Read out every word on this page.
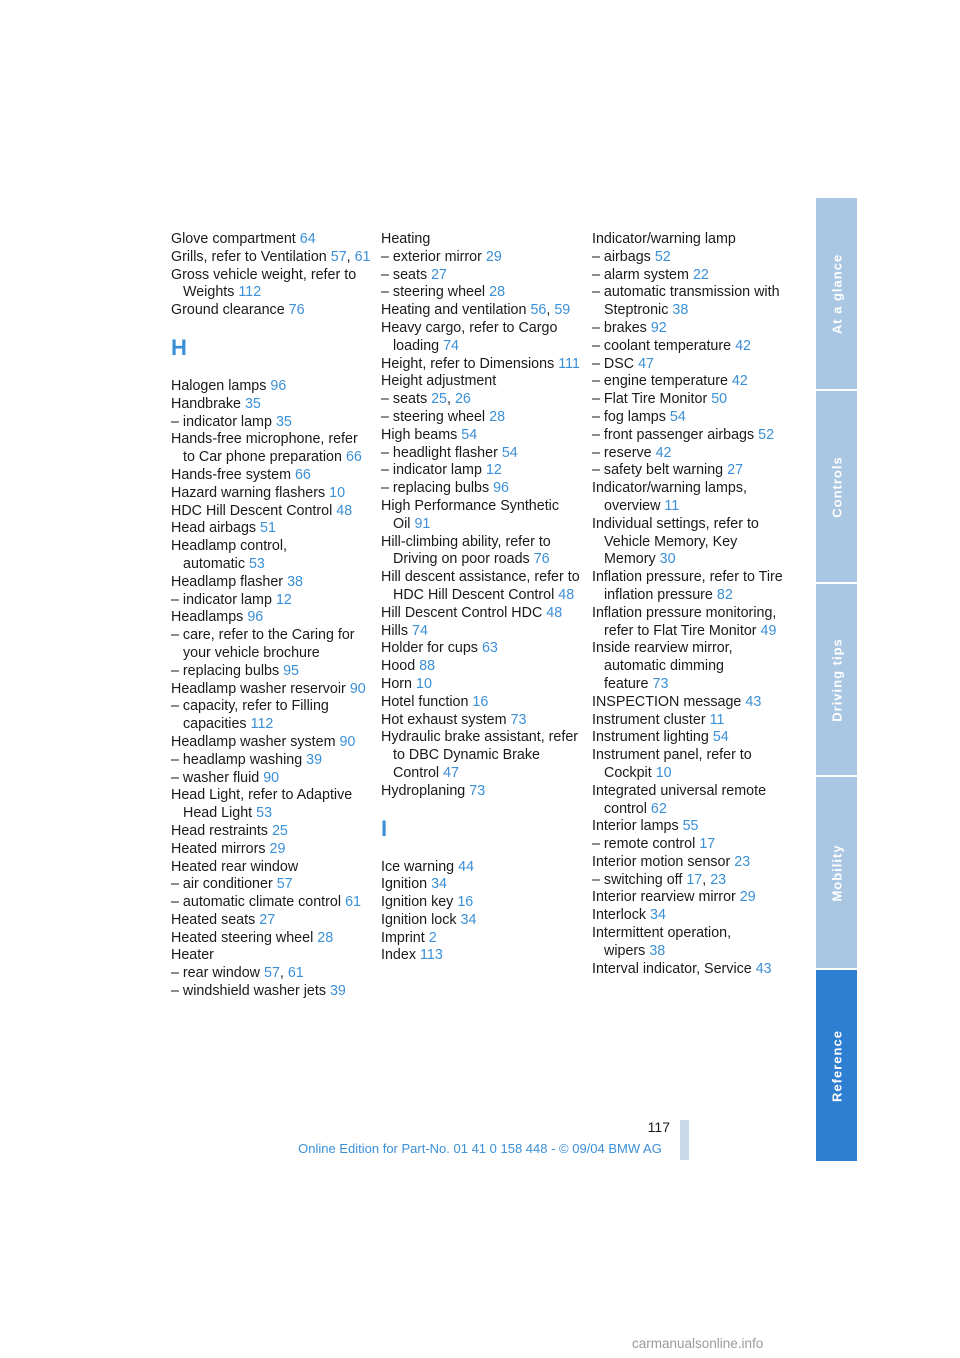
Glove compartment 64
Grills, refer to Ventilation 57, 61
Gross vehicle weight, refer to Weights 112
Ground clearance 76
H
Halogen lamps 96
Handbrake 35
– indicator lamp 35
Hands-free microphone, refer to Car phone preparation 66
Hands-free system 66
Hazard warning flashers 10
HDC Hill Descent Control 48
Head airbags 51
Headlamp control, automatic 53
Headlamp flasher 38
– indicator lamp 12
Headlamps 96
– care, refer to the Caring for your vehicle brochure
– replacing bulbs 95
Headlamp washer reservoir 90
– capacity, refer to Filling capacities 112
Headlamp washer system 90
– headlamp washing 39
– washer fluid 90
Head Light, refer to Adaptive Head Light 53
Head restraints 25
Heated mirrors 29
Heated rear window
– air conditioner 57
– automatic climate control 61
Heated seats 27
Heated steering wheel 28
Heater
– rear window 57, 61
– windshield washer jets 39
Heating
– exterior mirror 29
– seats 27
– steering wheel 28
Heating and ventilation 56, 59
Heavy cargo, refer to Cargo loading 74
Height, refer to Dimensions 111
Height adjustment
– seats 25, 26
– steering wheel 28
High beams 54
– headlight flasher 54
– indicator lamp 12
– replacing bulbs 96
High Performance Synthetic Oil 91
Hill-climbing ability, refer to Driving on poor roads 76
Hill descent assistance, refer to HDC Hill Descent Control 48
Hill Descent Control HDC 48
Hills 74
Holder for cups 63
Hood 88
Horn 10
Hotel function 16
Hot exhaust system 73
Hydraulic brake assistant, refer to DBC Dynamic Brake Control 47
Hydroplaning 73
I
Ice warning 44
Ignition 34
Ignition key 16
Ignition lock 34
Imprint 2
Index 113
Indicator/warning lamp
– airbags 52
– alarm system 22
– automatic transmission with Steptronic 38
– brakes 92
– coolant temperature 42
– DSC 47
– engine temperature 42
– Flat Tire Monitor 50
– fog lamps 54
– front passenger airbags 52
– reserve 42
– safety belt warning 27
Indicator/warning lamps, overview 11
Individual settings, refer to Vehicle Memory, Key Memory 30
Inflation pressure, refer to Tire inflation pressure 82
Inflation pressure monitoring, refer to Flat Tire Monitor 49
Inside rearview mirror, automatic dimming feature 73
INSPECTION message 43
Instrument cluster 11
Instrument lighting 54
Instrument panel, refer to Cockpit 10
Integrated universal remote control 62
Interior lamps 55
– remote control 17
Interior motion sensor 23
– switching off 17, 23
Interior rearview mirror 29
Interlock 34
Intermittent operation, wipers 38
Interval indicator, Service 43
At a glance
Controls
Driving tips
Mobility
Reference
117
Online Edition for Part-No. 01 41 0 158 448 - © 09/04 BMW AG
carmanualsonline.info
